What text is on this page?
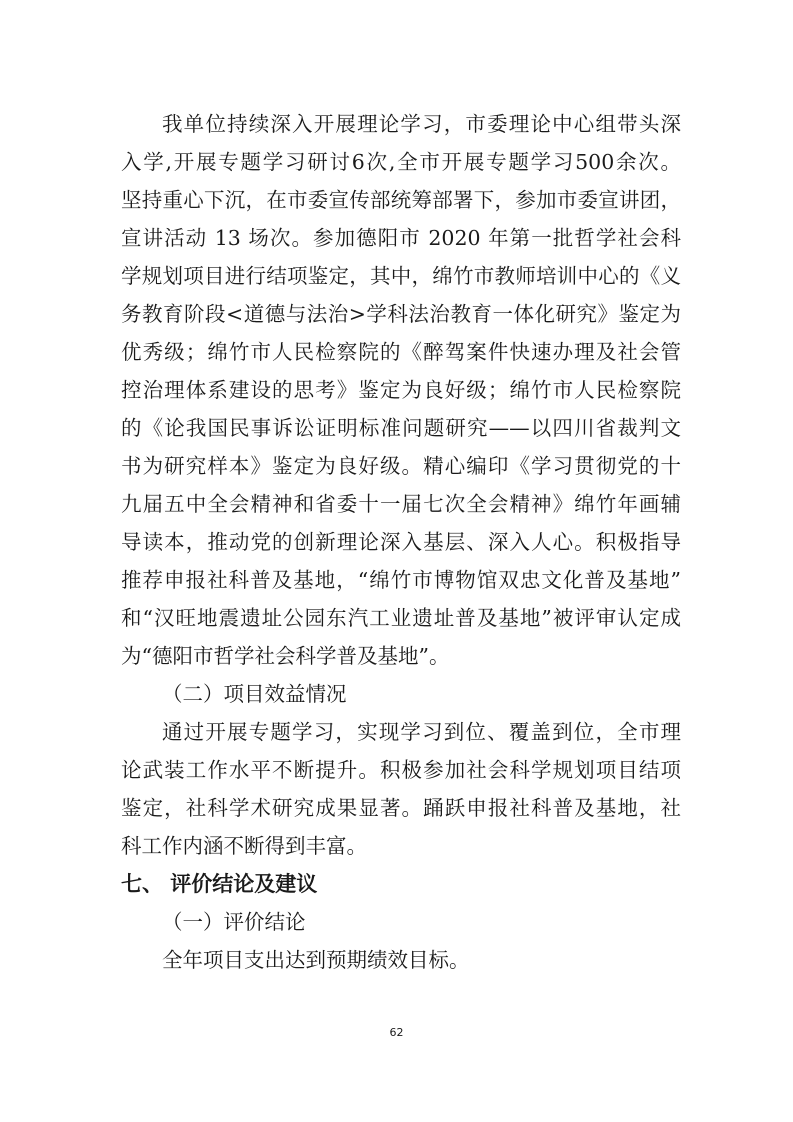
我单位持续深入开展理论学习，市委理论中心组带头深
入学,开展专题学习研讨6次,全市开展专题学习500余次。
坚持重心下沉，在市委宣传部统筹部署下，参加市委宣讲团，
宣讲活动 13 场次。参加德阳市 2020 年第一批哲学社会科
学规划项目进行结项鉴定，其中，绵竹市教师培训中心的《义
务教育阶段<道德与法治>学科法治教育一体化研究》鉴定为
优秀级；绵竹市人民检察院的《醉驾案件快速办理及社会管
控治理体系建设的思考》鉴定为良好级；绵竹市人民检察院
的《论我国民事诉讼证明标准问题研究——以四川省裁判文
书为研究样本》鉴定为良好级。精心编印《学习贯彻党的十
九届五中全会精神和省委十一届七次全会精神》绵竹年画辅
导读本，推动党的创新理论深入基层、深入人心。积极指导
推荐申报社科普及基地，“绵竹市博物馆双忠文化普及基地”
和“汉旺地震遗址公园东汽工业遗址普及基地”被评审认定成
为“德阳市哲学社会科学普及基地”。
（二）项目效益情况
通过开展专题学习，实现学习到位、覆盖到位，全市理
论武装工作水平不断提升。积极参加社会科学规划项目结项
鉴定，社科学术研究成果显著。踊跃申报社科普及基地，社
科工作内涵不断得到丰富。
七、 评价结论及建议
（一）评价结论
全年项目支出达到预期绩效目标。
62
